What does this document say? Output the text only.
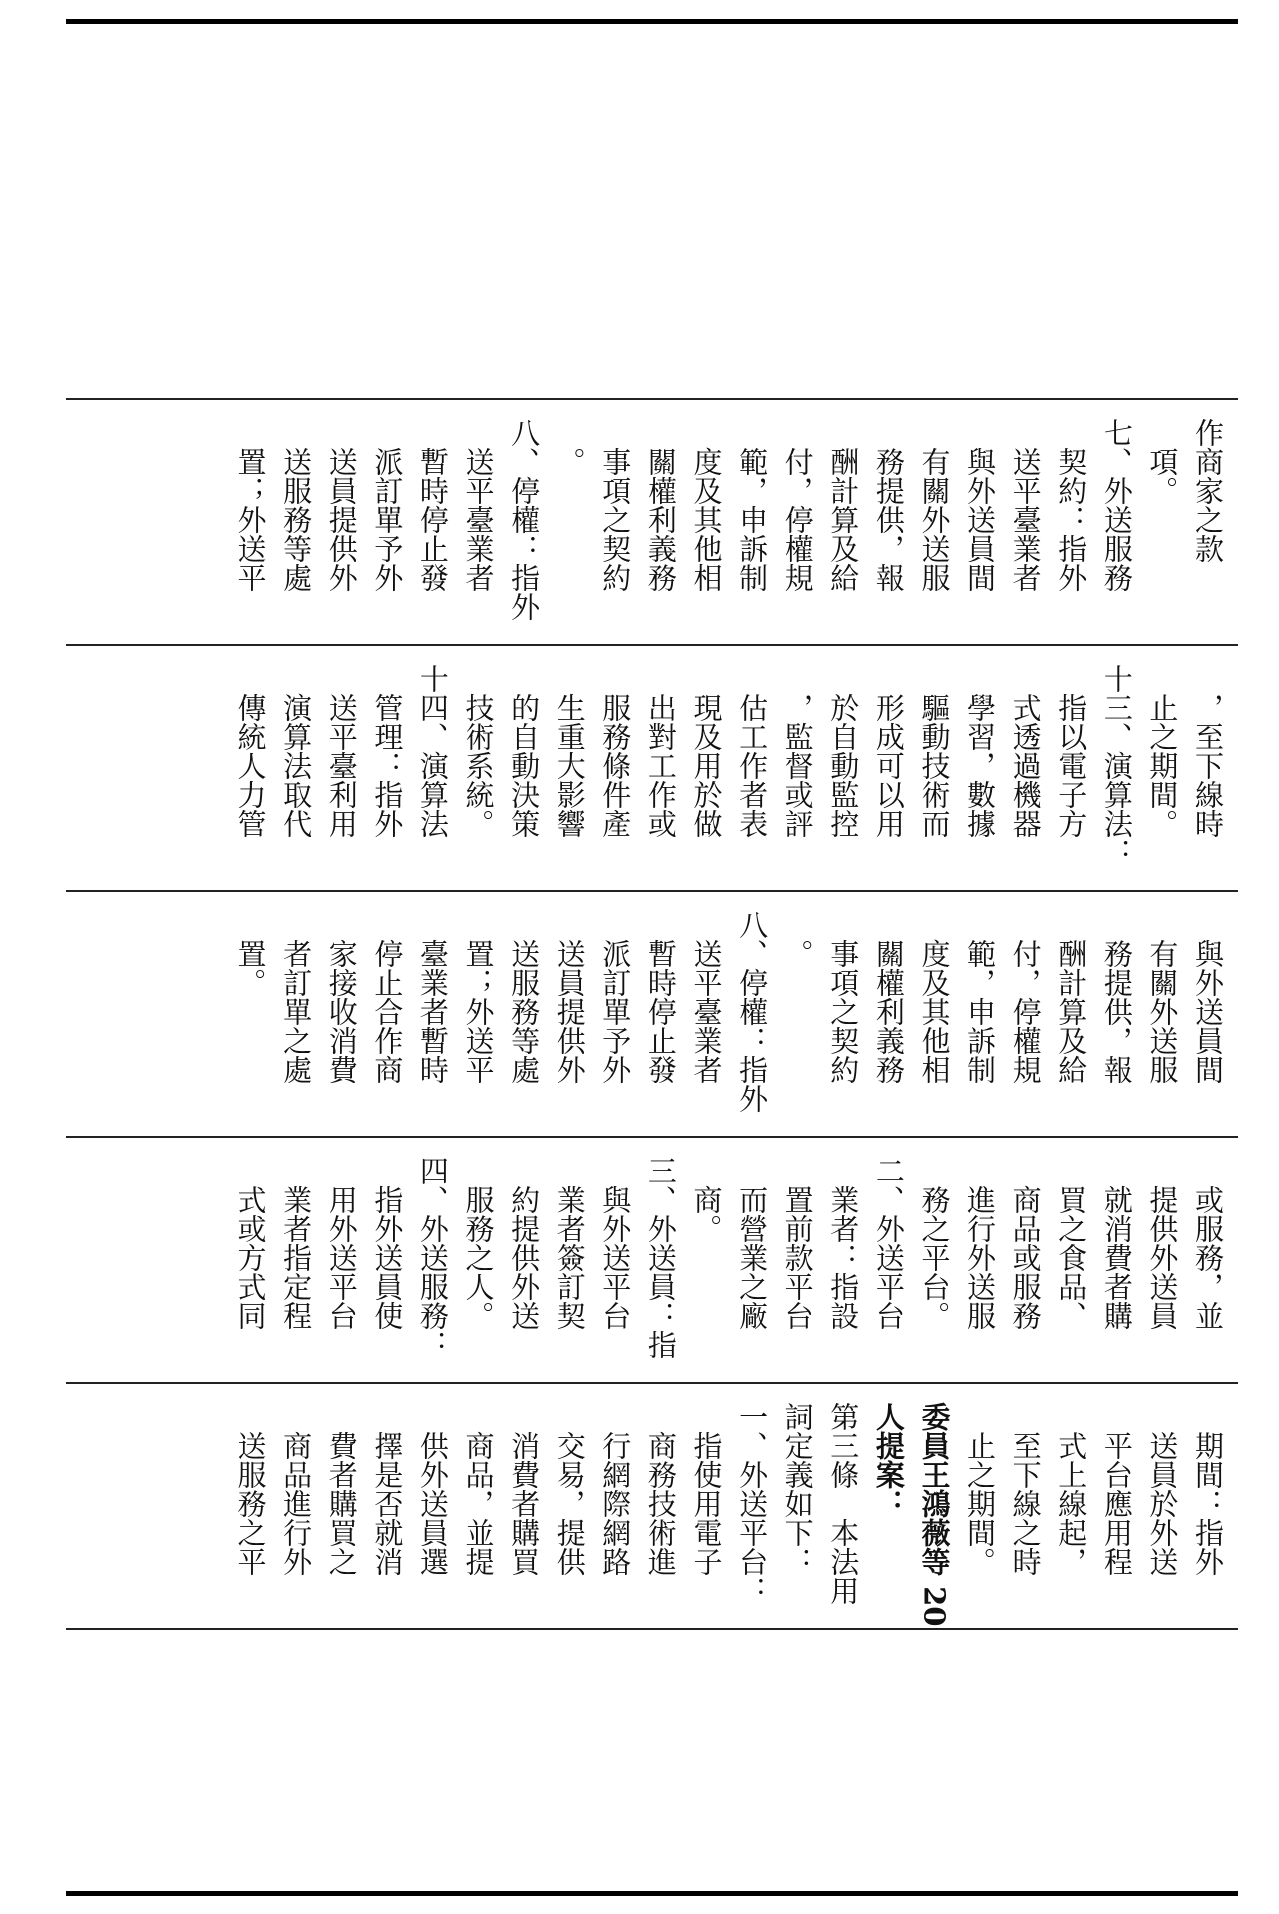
作商家之款
　項。
七、外送服務
　契約：指外
　送平臺業者
　與外送員間
　有關外送服
　務提供，報
　酬計算及給
　付，停權規
　範，申訴制
　度及其他相
　關權利義務
　事項之契約
　。
八、停權：指外
　送平臺業者
　暫時停止發
　派訂單予外
　送員提供外
　送服務等處
　置；外送平
　，至下線時
　止之期間。
十三、演算法：
　指以電子方
　式透過機器
　學習，數據
　驅動技術而
　形成可以用
　於自動監控
　，監督或評
　估工作者表
　現及用於做
　出對工作或
　服務條件產
　生重大影響
　的自動決策
　技術系統。
十四、演算法
　管理：指外
　送平臺利用
　演算法取代
　傳統人力管
　與外送員間
　有關外送服
　務提供，報
　酬計算及給
　付，停權規
　範，申訴制
　度及其他相
　關權利義務
　事項之契約
　。
八、停權：指外
　送平臺業者
　暫時停止發
　派訂單予外
　送員提供外
　送服務等處
　置；外送平
　臺業者暫時
　停止合作商
　家接收消費
　者訂單之處
　置。
　或服務，並
　提供外送員
　就消費者購
　買之食品、
　商品或服務
　進行外送服
　務之平台。
二、外送平台
　業者：指設
　置前款平台
　而營業之廠
　商。
三、外送員：指
　與外送平台
　業者簽訂契
　約提供外送
　服務之人。
四、外送服務：
　指外送員使
　用外送平台
　業者指定程
　式或方式同
　期間：指外
　送員於外送
　平台應用程
　式上線起，
　至下線之時
　止之期間。
委員王鴻薇等 20
人提案：
第三條　本法用
詞定義如下：
一、外送平台：
　指使用電子
　商務技術進
　行網際網路
　交易，提供
　消費者購買
　商品，並提
　供外送員選
　擇是否就消
　費者購買之
　商品進行外
　送服務之平
